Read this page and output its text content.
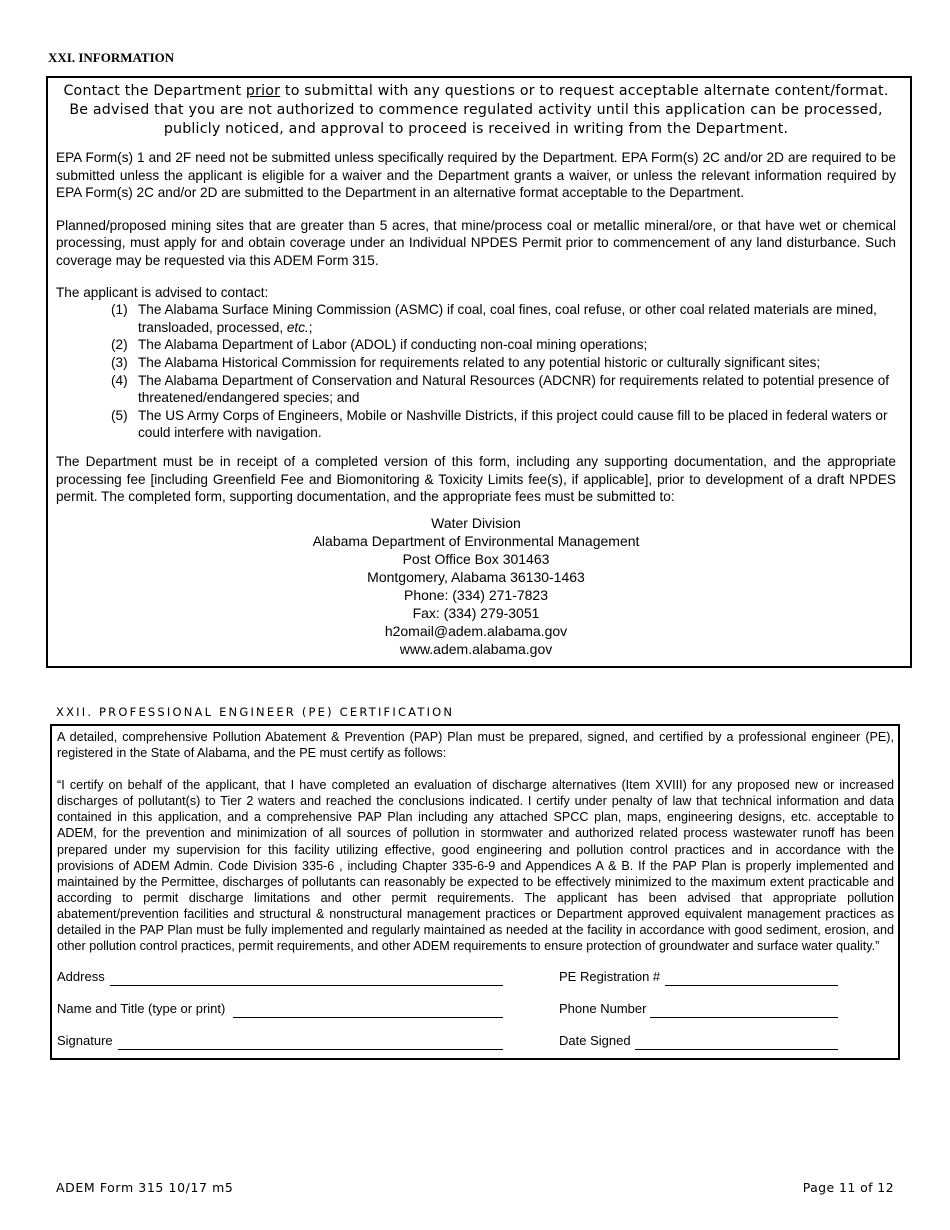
XXI. INFORMATION
Contact the Department prior to submittal with any questions or to request acceptable alternate content/format.
Be advised that you are not authorized to commence regulated activity until this application can be processed,
publicly noticed, and approval to proceed is received in writing from the Department.

EPA Form(s) 1 and 2F need not be submitted unless specifically required by the Department. EPA Form(s) 2C and/or 2D are required to be submitted unless the applicant is eligible for a waiver and the Department grants a waiver, or unless the relevant information required by EPA Form(s) 2C and/or 2D are submitted to the Department in an alternative format acceptable to the Department.

Planned/proposed mining sites that are greater than 5 acres, that mine/process coal or metallic mineral/ore, or that have wet or chemical processing, must apply for and obtain coverage under an Individual NPDES Permit prior to commencement of any land disturbance. Such coverage may be requested via this ADEM Form 315.

The applicant is advised to contact:

(1) The Alabama Surface Mining Commission (ASMC) if coal, coal fines, coal refuse, or other coal related materials are mined, transloaded, processed, etc.;
(2) The Alabama Department of Labor (ADOL) if conducting non-coal mining operations;
(3) The Alabama Historical Commission for requirements related to any potential historic or culturally significant sites;
(4) The Alabama Department of Conservation and Natural Resources (ADCNR) for requirements related to potential presence of threatened/endangered species; and
(5) The US Army Corps of Engineers, Mobile or Nashville Districts, if this project could cause fill to be placed in federal waters or could interfere with navigation.

The Department must be in receipt of a completed version of this form, including any supporting documentation, and the appropriate processing fee [including Greenfield Fee and Biomonitoring & Toxicity Limits fee(s), if applicable], prior to development of a draft NPDES permit. The completed form, supporting documentation, and the appropriate fees must be submitted to:

Water Division
Alabama Department of Environmental Management
Post Office Box 301463
Montgomery, Alabama 36130-1463
Phone: (334) 271-7823
Fax: (334) 279-3051
h2omail@adem.alabama.gov
www.adem.alabama.gov
XXII. PROFESSIONAL ENGINEER (PE) CERTIFICATION

A detailed, comprehensive Pollution Abatement & Prevention (PAP) Plan must be prepared, signed, and certified by a professional engineer (PE), registered in the State of Alabama, and the PE must certify as follows:

“I certify on behalf of the applicant, that I have completed an evaluation of discharge alternatives (Item XVIII) for any proposed new or increased discharges of pollutant(s) to Tier 2 waters and reached the conclusions indicated. I certify under penalty of law that technical information and data contained in this application, and a comprehensive PAP Plan including any attached SPCC plan, maps, engineering designs, etc. acceptable to ADEM, for the prevention and minimization of all sources of pollution in stormwater and authorized related process wastewater runoff has been prepared under my supervision for this facility utilizing effective, good engineering and pollution control practices and in accordance with the provisions of ADEM Admin. Code Division 335-6 , including Chapter 335-6-9 and Appendices A & B. If the PAP Plan is properly implemented and maintained by the Permittee, discharges of pollutants can reasonably be expected to be effectively minimized to the maximum extent practicable and according to permit discharge limitations and other permit requirements. The applicant has been advised that appropriate pollution abatement/prevention facilities and structural & nonstructural management practices or Department approved equivalent management practices as detailed in the PAP Plan must be fully implemented and regularly maintained as needed at the facility in accordance with good sediment, erosion, and other pollution control practices, permit requirements, and other ADEM requirements to ensure protection of groundwater and surface water quality.”

Address
Name and Title (type or print)
Signature
PE Registration #
Phone Number
Date Signed
ADEM Form 315 10/17 m5	Page 11 of 12
